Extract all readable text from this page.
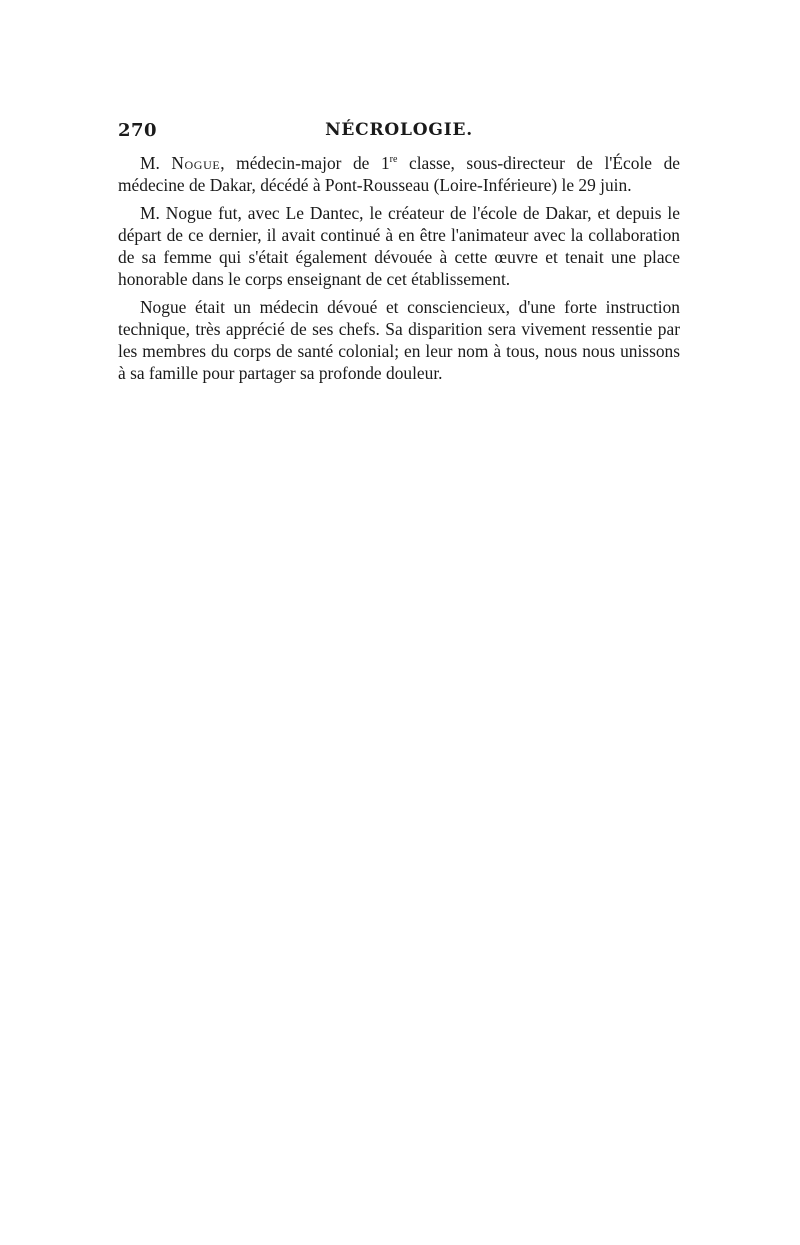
270	NÉCROLOGIE.

M. Nogue, médecin-major de 1re classe, sous-directeur de l'École de médecine de Dakar, décédé à Pont-Rousseau (Loire-Inférieure) le 29 juin.

M. Nogue fut, avec Le Dantec, le créateur de l'école de Dakar, et depuis le départ de ce dernier, il avait continué à en être l'animateur avec la collaboration de sa femme qui s'était également dévouée à cette œuvre et tenait une place honorable dans le corps enseignant de cet établissement.

Nogue était un médecin dévoué et consciencieux, d'une forte instruction technique, très apprécié de ses chefs. Sa disparition sera vivement ressentie par les membres du corps de santé colonial; en leur nom à tous, nous nous unissons à sa famille pour partager sa profonde douleur.
